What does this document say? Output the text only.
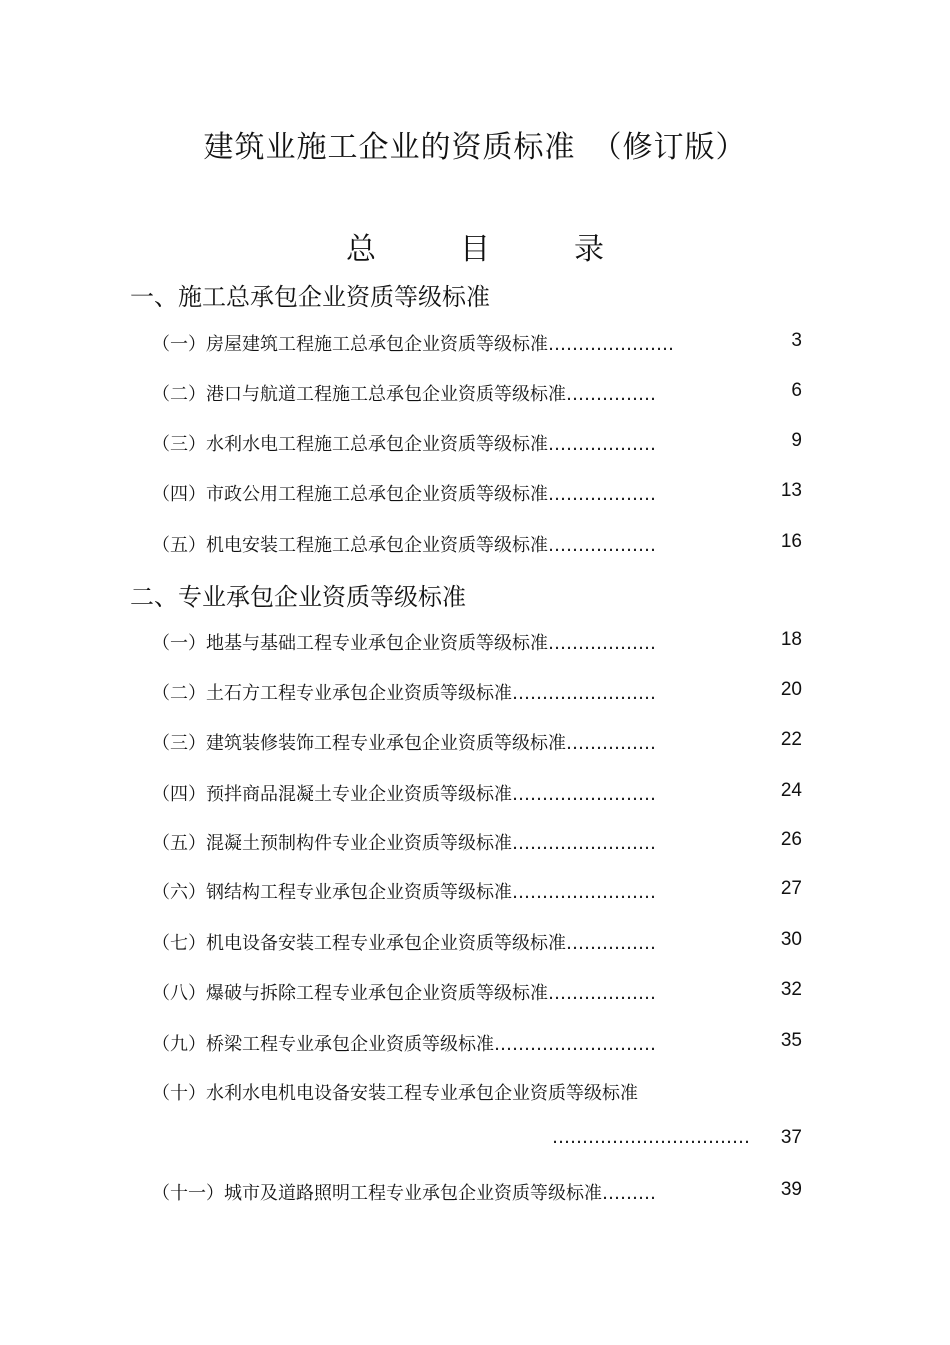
建筑业施工企业的资质标准　（修订版）
总	目	录
一、施工总承包企业资质等级标准
（一）房屋建筑工程施工总承包企业资质等级标准…………………	3
（二）港口与航道工程施工总承包企业资质等级标准……………	6
（三）水利水电工程施工总承包企业资质等级标准………………	9
（四）市政公用工程施工总承包企业资质等级标准………………	13
（五）机电安装工程施工总承包企业资质等级标准………………	16
二、专业承包企业资质等级标准
（一）地基与基础工程专业承包企业资质等级标准………………	18
（二）土石方工程专业承包企业资质等级标准……………………	20
（三）建筑装修装饰工程专业承包企业资质等级标准……………	22
（四）预拌商品混凝土专业企业资质等级标准……………………	24
（五）混凝土预制构件专业企业资质等级标准……………………	26
（六）钢结构工程专业承包企业资质等级标准……………………	27
（七）机电设备安装工程专业承包企业资质等级标准……………	30
（八）爆破与拆除工程专业承包企业资质等级标准………………	32
（九）桥梁工程专业承包企业资质等级标准………………………	35
（十）水利水电机电设备安装工程专业承包企业资质等级标准
…………………………… 37
（十一）城市及道路照明工程专业承包企业资质等级标准………	39
